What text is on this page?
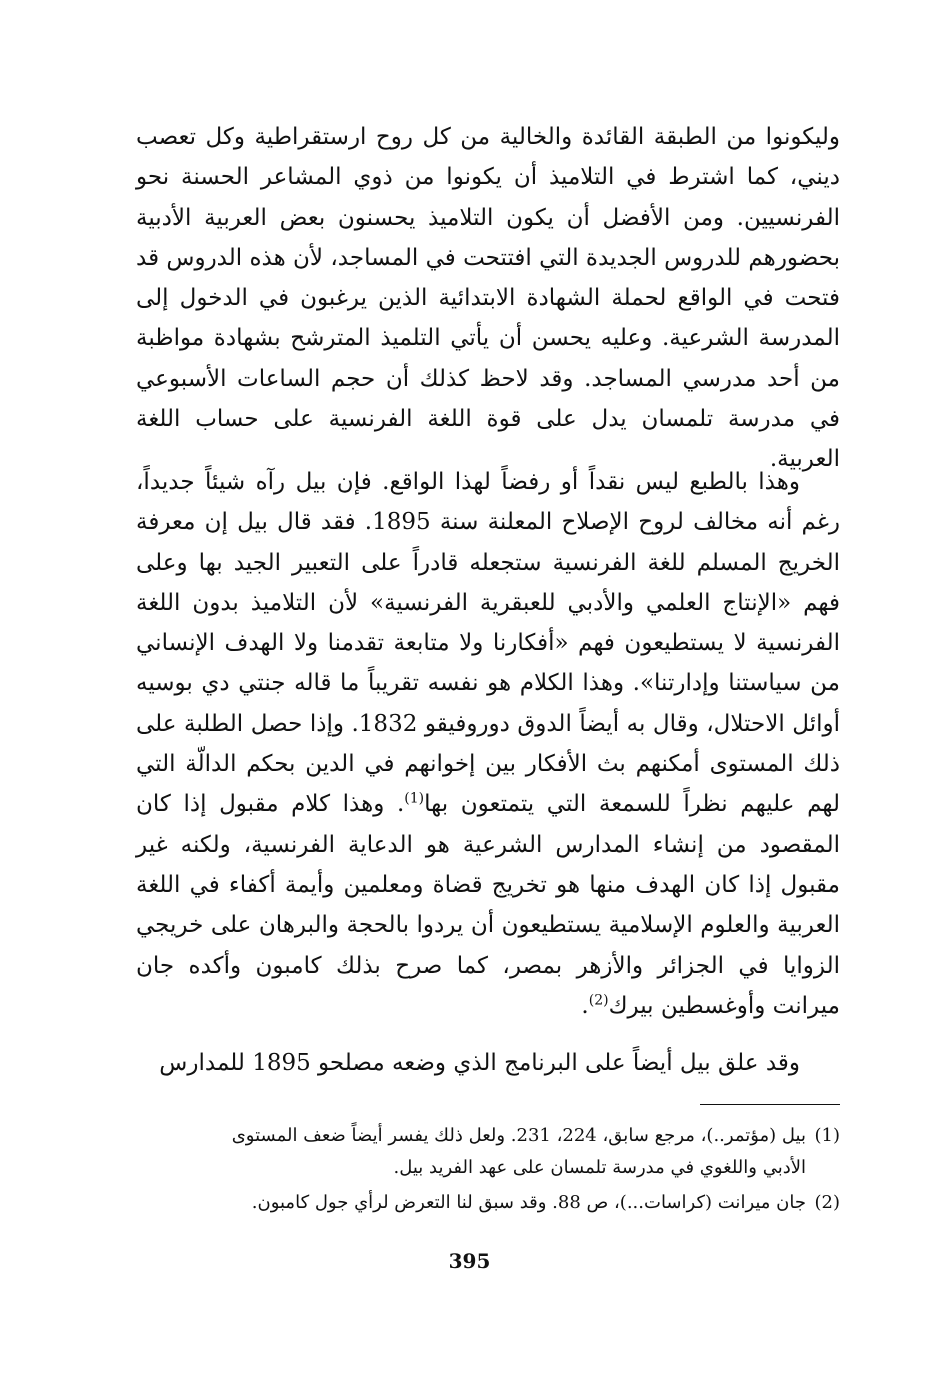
وليكونوا من الطبقة القائدة والخالية من كل روح ارستقراطية وكل تعصب ديني، كما اشترط في التلاميذ أن يكونوا من ذوي المشاعر الحسنة نحو الفرنسيين. ومن الأفضل أن يكون التلاميذ يحسنون بعض العربية الأدبية بحضورهم للدروس الجديدة التي افتتحت في المساجد، لأن هذه الدروس قد فتحت في الواقع لحملة الشهادة الابتدائية الذين يرغبون في الدخول إلى المدرسة الشرعية. وعليه يحسن أن يأتي التلميذ المترشح بشهادة مواظبة من أحد مدرسي المساجد. وقد لاحظ كذلك أن حجم الساعات الأسبوعي في مدرسة تلمسان يدل على قوة اللغة الفرنسية على حساب اللغة العربية.

وهذا بالطبع ليس نقداً أو رفضاً لهذا الواقع. فإن بيل رآه شيئاً جديداً، رغم أنه مخالف لروح الإصلاح المعلنة سنة 1895. فقد قال بيل إن معرفة الخريج المسلم للغة الفرنسية ستجعله قادراً على التعبير الجيد بها وعلى فهم «الإنتاج العلمي والأدبي للعبقرية الفرنسية» لأن التلاميذ بدون اللغة الفرنسية لا يستطيعون فهم «أفكارنا ولا متابعة تقدمنا ولا الهدف الإنساني من سياستنا وإدارتنا». وهذا الكلام هو نفسه تقريباً ما قاله جنتي دي بوسيه أوائل الاحتلال، وقال به أيضاً الدوق دوروفيقو 1832. وإذا حصل الطلبة على ذلك المستوى أمكنهم بث الأفكار بين إخوانهم في الدين بحكم الدالّة التي لهم عليهم نظراً للسمعة التي يتمتعون بها$^{(1)}$. وهذا كلام مقبول إذا كان المقصود من إنشاء المدارس الشرعية هو الدعاية الفرنسية، ولكنه غير مقبول إذا كان الهدف منها هو تخريج قضاة ومعلمين وأيمة أكفاء في اللغة العربية والعلوم الإسلامية يستطيعون أن يردوا بالحجة والبرهان على خريجي الزوايا في الجزائر والأزهر بمصر، كما صرح بذلك كامبون وأكده جان ميرانت وأوغسطين بيرك$^{(2)}$.

وقد علق بيل أيضاً على البرنامج الذي وضعه مصلحو 1895 للمدارس

(1)بيل (مؤتمر..)، مرجع سابق، 224، 231. ولعل ذلك يفسر أيضاً ضعف المستوى
الأدبي واللغوي في مدرسة تلمسان على عهد الفريد بيل.

(2)جان ميرانت (كراسات...)، ص 88. وقد سبق لنا التعرض لرأي جول كامبون.

395
